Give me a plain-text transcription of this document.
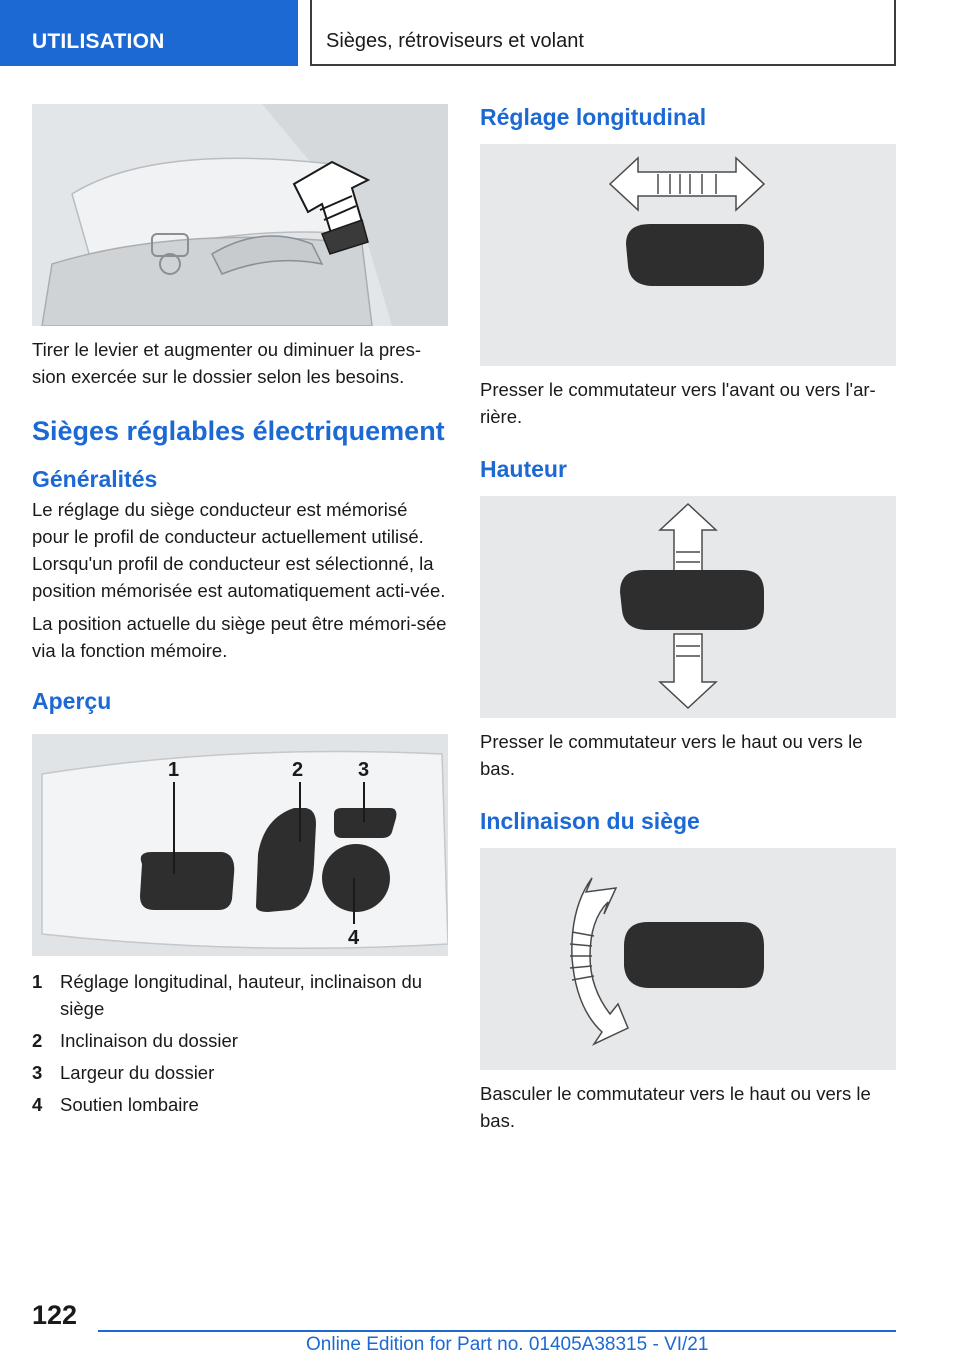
UTILISATION	Sièges, rétroviseurs et volant

Tirer le levier et augmenter ou diminuer la pres-sion exercée sur le dossier selon les besoins.

Sièges réglables électriquement
Généralités

Le réglage du siège conducteur est mémorisé pour le profil de conducteur actuellement utilisé. Lorsqu'un profil de conducteur est sélectionné, la position mémorisée est automatiquement acti-vée.

La position actuelle du siège peut être mémori-sée via la fonction mémoire.

Aperçu
1	2	3
4
1 Réglage longitudinal, hauteur, inclinaison du siège
2 Inclinaison du dossier
3 Largeur du dossier
4 Soutien lombaire
Réglage longitudinal

Presser le commutateur vers l'avant ou vers l'ar-rière.

Hauteur

Presser le commutateur vers le haut ou vers le bas.

Inclinaison du siège

Basculer le commutateur vers le haut ou vers le bas.

122
Online Edition for Part no. 01405A38315 - VI/21
